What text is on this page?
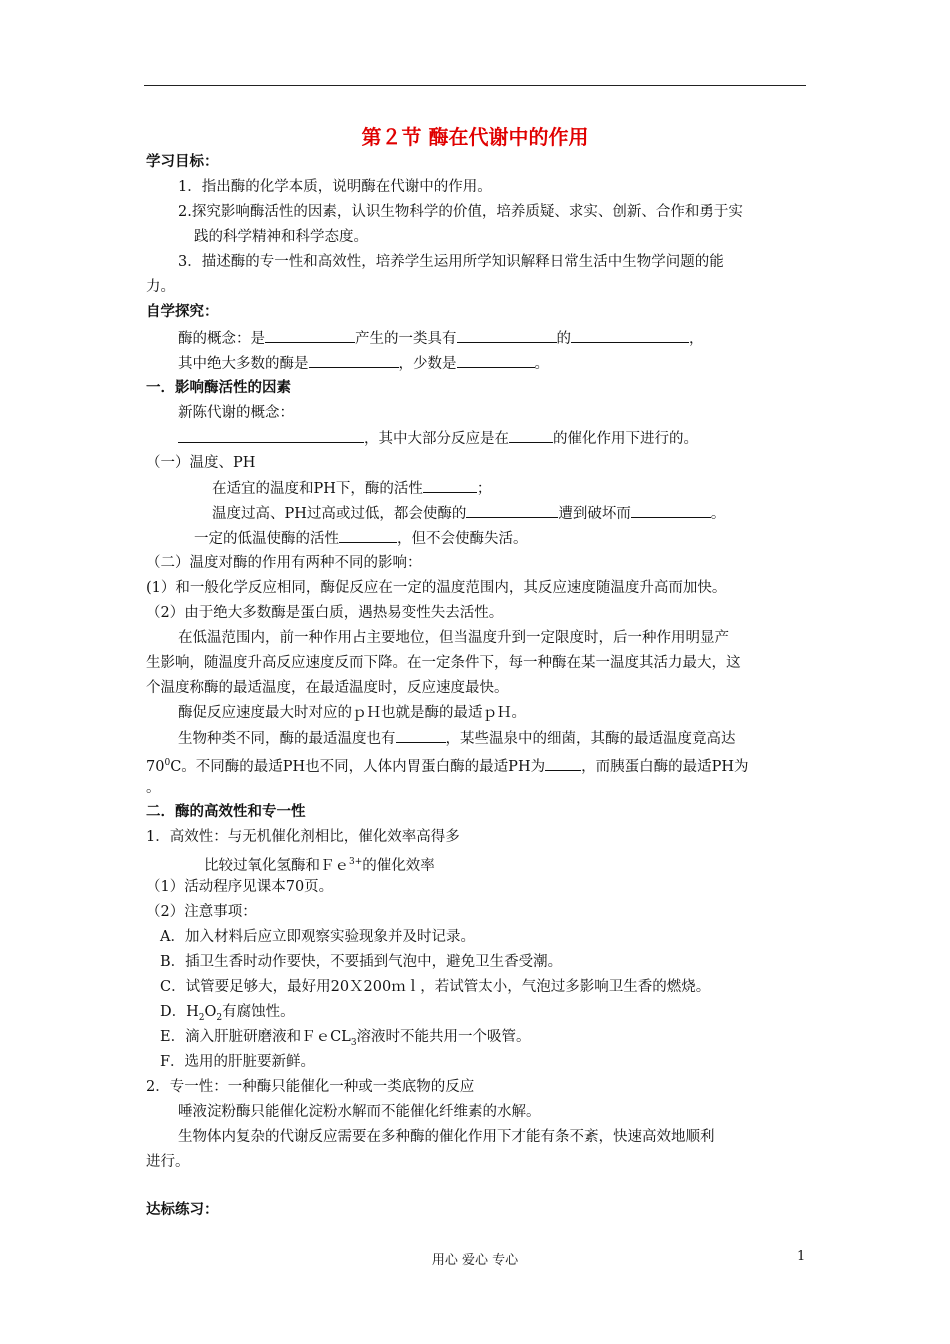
第２节 酶在代谢中的作用
学习目标：
1．指出酶的化学本质，说明酶在代谢中的作用。
2.探究影响酶活性的因素，认识生物科学的价值，培养质疑、求实、创新、合作和勇于实
践的科学精神和科学态度。
3．描述酶的专一性和高效性，培养学生运用所学知识解释日常生活中生物学问题的能
力。
自学探究：
酶的概念：是	产生的一类具有	的	，
其中绝大多数的酶是	，少数是	。
一．影响酶活性的因素
新陈代谢的概念：
，其中大部分反应是在	的催化作用下进行的。
（一）温度、PH
在适宜的温度和PH下，酶的活性	；
温度过高、PH过高或过低，都会使酶的	遭到破坏而	。
一定的低温使酶的活性	，但不会使酶失活。
（二）温度对酶的作用有两种不同的影响：
(1）和一般化学反应相同，酶促反应在一定的温度范围内，其反应速度随温度升高而加快。
（2）由于绝大多数酶是蛋白质，遇热易变性失去活性。
在低温范围内，前一种作用占主要地位，但当温度升到一定限度时，后一种作用明显产
生影响，随温度升高反应速度反而下降。在一定条件下，每一种酶在某一温度其活力最大，这
个温度称酶的最适温度，在最适温度时，反应速度最快。
酶促反应速度最大时对应的ｐＨ也就是酶的最适ｐＨ。
生物种类不同，酶的最适温度也有	，某些温泉中的细菌，其酶的最适温度竟高达
$70^0C$。不同酶的最适PH也不同，人体内胃蛋白酶的最适PH为 ，而胰蛋白酶的最适PH为
。
二．酶的高效性和专一性
1．高效性：与无机催化剂相比，催化效率高得多
比较过氧化氢酶和Ｆｅ$^{3+}$的催化效率
（1）活动程序见课本70页。
（2）注意事项：
A．加入材料后应立即观察实验现象并及时记录。
B．插卫生香时动作要快，不要插到气泡中，避免卫生香受潮。
C．试管要足够大，最好用20Ｘ200ｍｌ，若试管太小，气泡过多影响卫生香的燃烧。
D．$H_2O_2$有腐蚀性。
E．滴入肝脏研磨液和ＦｅCL$_3$溶液时不能共用一个吸管。
F．选用的肝脏要新鲜。
2．专一性：一种酶只能催化一种或一类底物的反应
唾液淀粉酶只能催化淀粉水解而不能催化纤维素的水解。
生物体内复杂的代谢反应需要在多种酶的催化作用下才能有条不紊，快速高效地顺利
进行。
达标练习：
用心 爱心 专心	1
